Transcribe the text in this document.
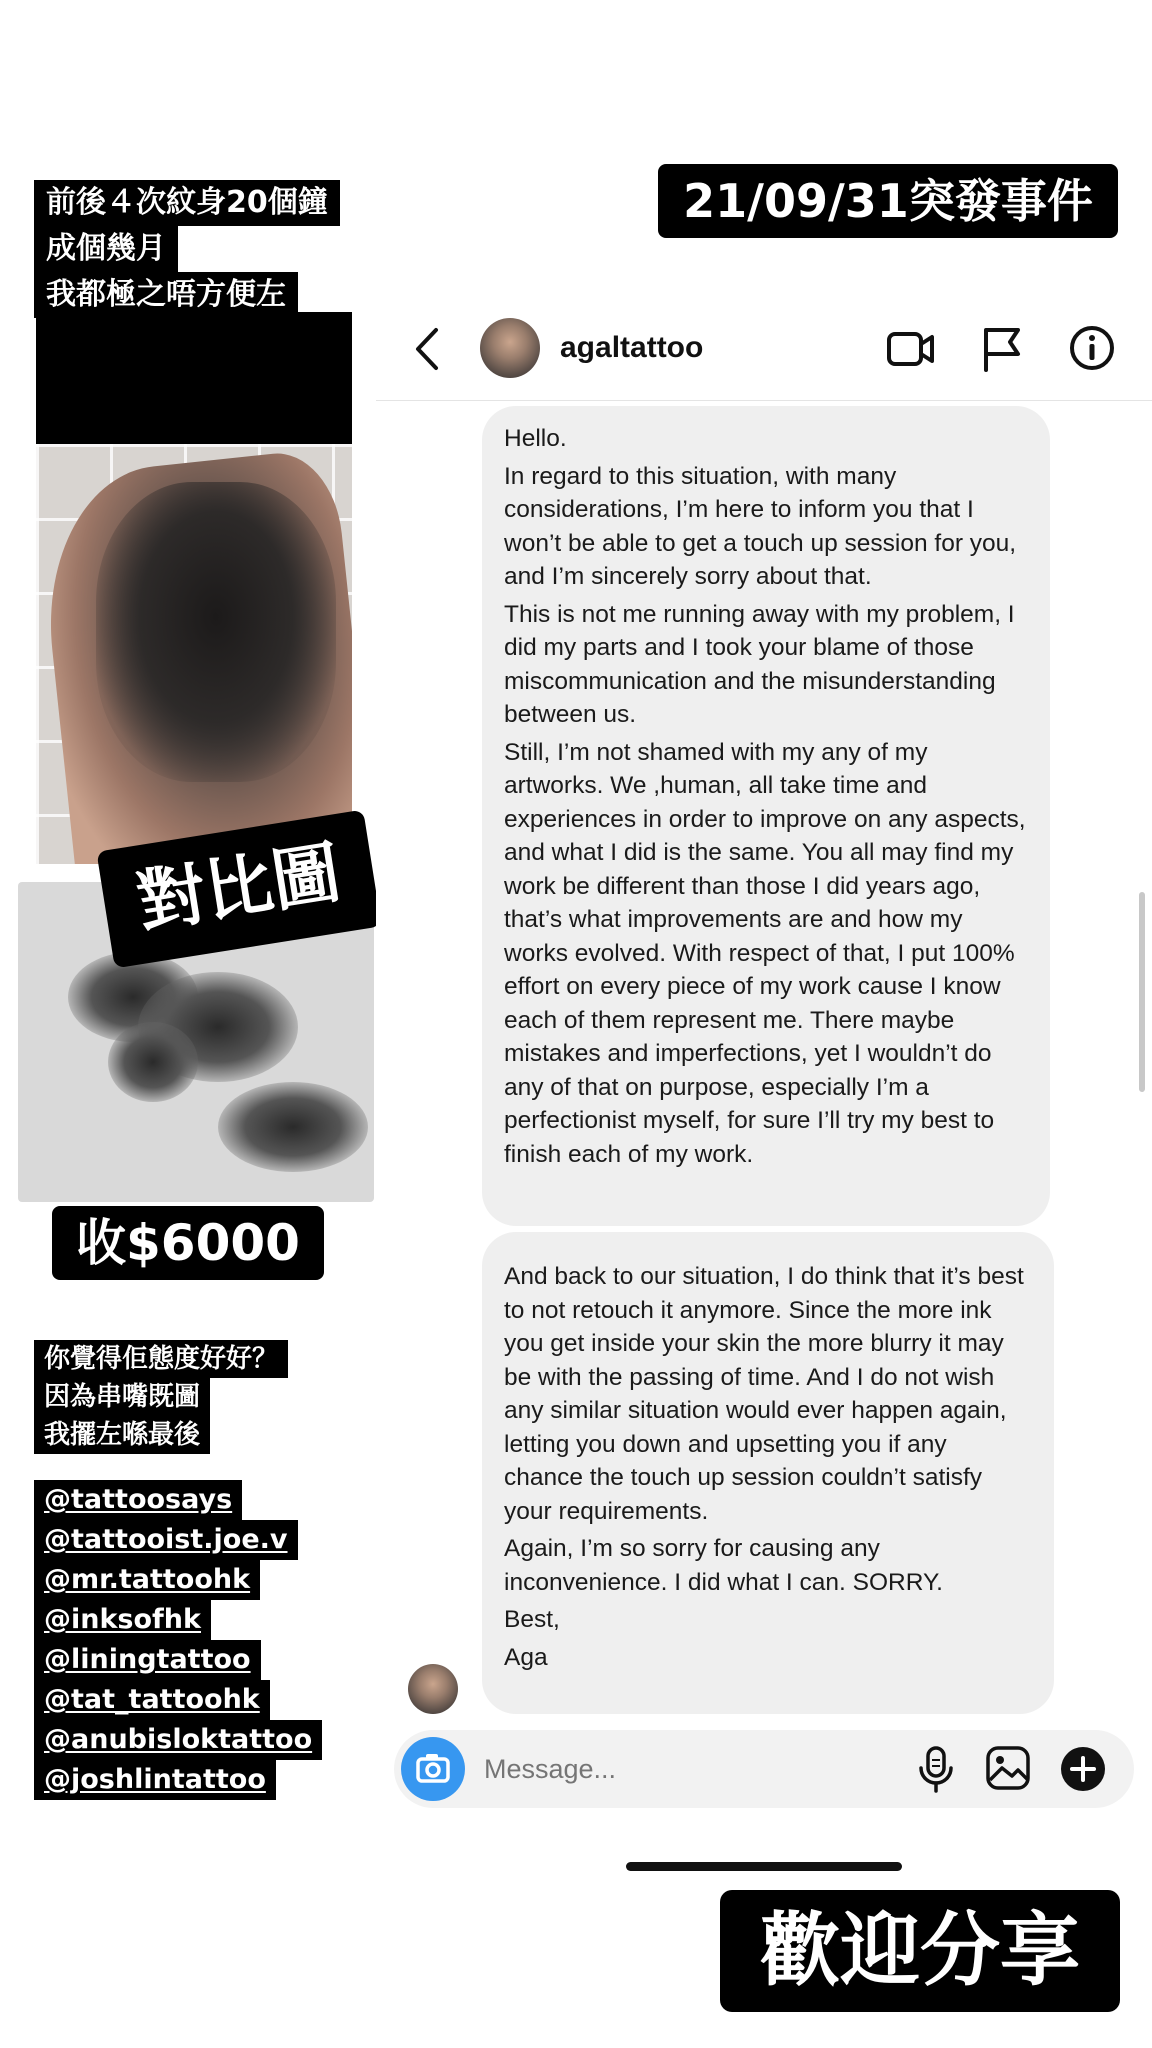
前後４次紋身20個鐘
成個幾月
我都極之唔方便左
對比圖
收$6000
你覺得佢態度好好？
因為串嘴既圖
我擺左喺最後
@tattoosays
@tattooist.joe.v
@mr.tattoohk
@inksofhk
@liningtattoo
@tat_tattoohk
@anubisloktattoo
@joshlintattoo
21/09/31突發事件
agaltattoo

Hello.

In regard to this situation, with many considerations, I’m here to inform you that I won’t be able to get a touch up session for you, and I’m sincerely sorry about that.

This is not me running away with my problem, I did my parts and I took your blame of those miscommunication and the misunderstanding between us.

Still, I’m not shamed with my any of my artworks. We ,human, all take time and experiences in order to improve on any aspects, and what I did is the same. You all may find my work be different than those I did years ago, that’s what improvements are and how my works evolved. With respect of that, I put 100% effort on every piece of my work cause I know each of them represent me. There maybe mistakes and imperfections, yet I wouldn’t do any of that on purpose, especially I’m a perfectionist myself, for sure I’ll try my best to finish each of my work.

And back to our situation, I do think that it’s best to not retouch it anymore. Since the more ink you get inside your skin the more blurry it may be with the passing of time. And I do not wish any similar situation would ever happen again, letting you down and upsetting you if any chance the touch up session couldn’t satisfy your requirements.

Again, I’m so sorry for causing any inconvenience. I did what I can. SORRY.

Best,

Aga

Message...
歡迎分享
